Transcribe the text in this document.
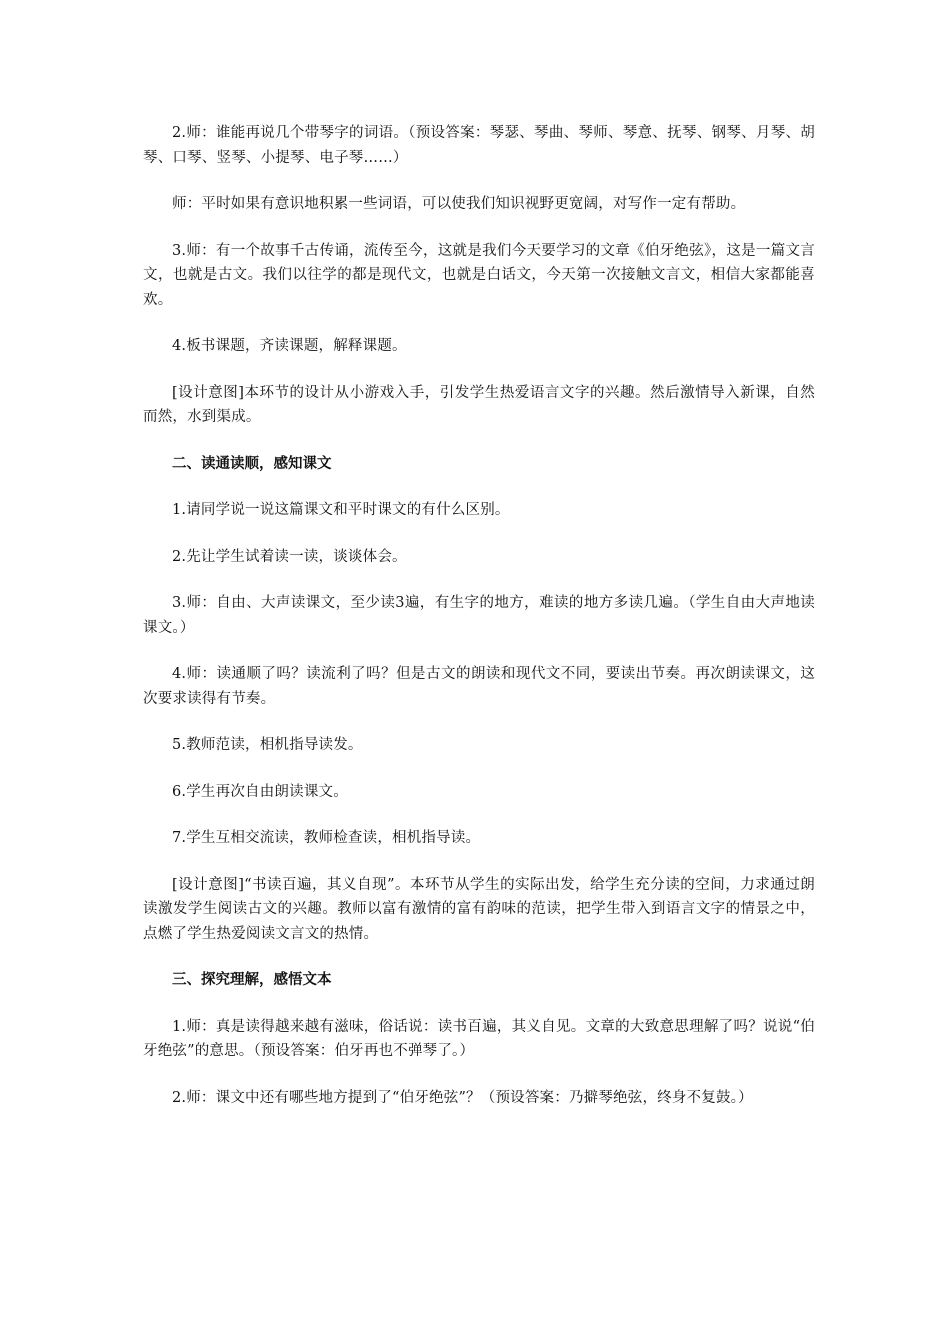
2.师：谁能再说几个带琴字的词语。（预设答案：琴瑟、琴曲、琴师、琴意、抚琴、钢琴、月琴、胡琴、口琴、竖琴、小提琴、电子琴……）

师：平时如果有意识地积累一些词语，可以使我们知识视野更宽阔，对写作一定有帮助。

3.师：有一个故事千古传诵，流传至今，这就是我们今天要学习的文章《伯牙绝弦》，这是一篇文言文，也就是古文。我们以往学的都是现代文，也就是白话文，今天第一次接触文言文，相信大家都能喜欢。

4.板书课题，齐读课题，解释课题。

[设计意图]本环节的设计从小游戏入手，引发学生热爱语言文字的兴趣。然后激情导入新课，自然而然，水到渠成。

二、读通读顺，感知课文

1.请同学说一说这篇课文和平时课文的有什么区别。

2.先让学生试着读一读，谈谈体会。

3.师：自由、大声读课文，至少读3遍，有生字的地方，难读的地方多读几遍。（学生自由大声地读课文。）

4.师：读通顺了吗？读流利了吗？但是古文的朗读和现代文不同，要读出节奏。再次朗读课文，这次要求读得有节奏。

5.教师范读，相机指导读发。

6.学生再次自由朗读课文。

7.学生互相交流读，教师检查读，相机指导读。

[设计意图]“书读百遍，其义自现”。本环节从学生的实际出发，给学生充分读的空间，力求通过朗读激发学生阅读古文的兴趣。教师以富有激情的富有韵味的范读，把学生带入到语言文字的情景之中，点燃了学生热爱阅读文言文的热情。

三、探究理解，感悟文本

1.师：真是读得越来越有滋味，俗话说：读书百遍，其义自见。文章的大致意思理解了吗？说说“伯牙绝弦”的意思。（预设答案：伯牙再也不弹琴了。）

2.师：课文中还有哪些地方提到了“伯牙绝弦”？（预设答案：乃擗琴绝弦，终身不复鼓。）
